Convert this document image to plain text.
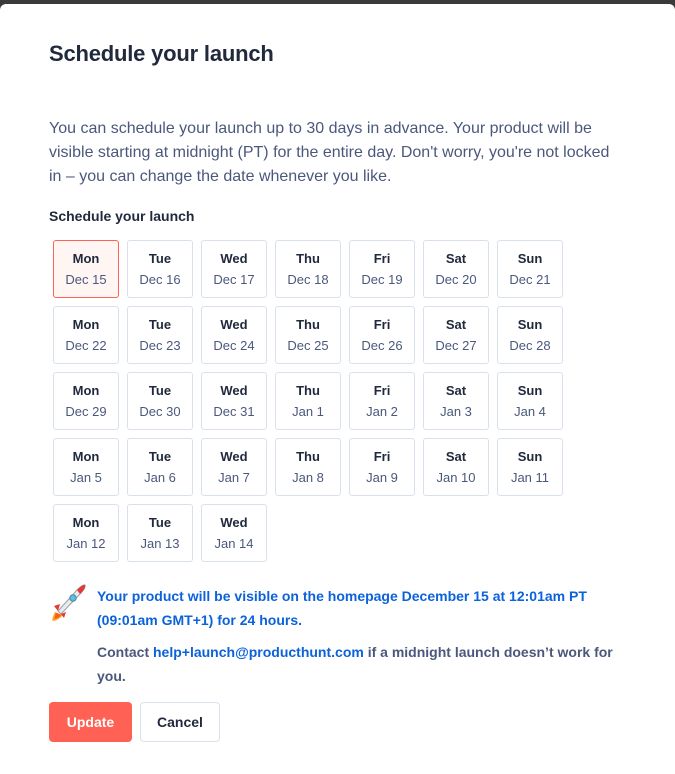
Schedule your launch

You can schedule your launch up to 30 days in advance. Your product will be visible starting at midnight (PT) for the entire day. Don't worry, you're not locked in – you can change the date whenever you like.

Schedule your launch
Mon
Dec 15
Tue
Dec 16
Wed
Dec 17
Thu
Dec 18
Fri
Dec 19
Sat
Dec 20
Sun
Dec 21
Mon
Dec 22
Tue
Dec 23
Wed
Dec 24
Thu
Dec 25
Fri
Dec 26
Sat
Dec 27
Sun
Dec 28
Mon
Dec 29
Tue
Dec 30
Wed
Dec 31
Thu
Jan 1
Fri
Jan 2
Sat
Jan 3
Sun
Jan 4
Mon
Jan 5
Tue
Jan 6
Wed
Jan 7
Thu
Jan 8
Fri
Jan 9
Sat
Jan 10
Sun
Jan 11
Mon
Jan 12
Tue
Jan 13
Wed
Jan 14
Your product will be visible on the homepage December 15 at 12:01am PT (09:01am GMT+1) for 24 hours.
Contact help+launch@producthunt.com if a midnight launch doesn’t work for you.
Update	Cancel
